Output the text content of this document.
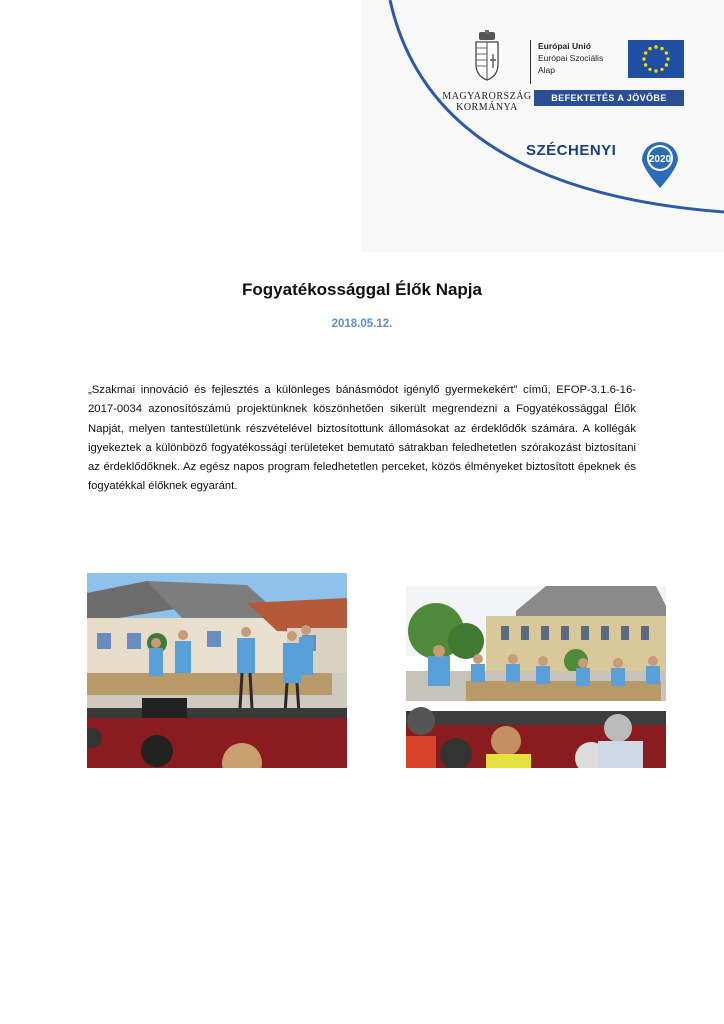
MAGYARORSZÁG
KORMÁNYA
Európai Unió
Európai Szociális
Alap
BEFEKTETÉS A JÖVŐBE
SZÉCHENYI
2020
Fogyatékossággal Élők Napja
2018.05.12.
„Szakmai innováció és fejlesztés a különleges bánásmódot igénylő gyermekekért” című, EFOP-3.1.6-16-2017-0034 azonosítószámú projektünknek köszönhetően sikerült megrendezni a Fogyatékossággal Élők Napját, melyen tantestületünk részvételével biztosítottunk állomásokat az érdeklődők számára. A kollégák igyekeztek a különböző fogyatékossági területeket bemutató sátrakban feledhetetlen szórakozást biztosítani az érdeklődőknek. Az egész napos program feledhetetlen perceket, közös élményeket biztosított épeknek és fogyatékkal élőknek egyaránt.
